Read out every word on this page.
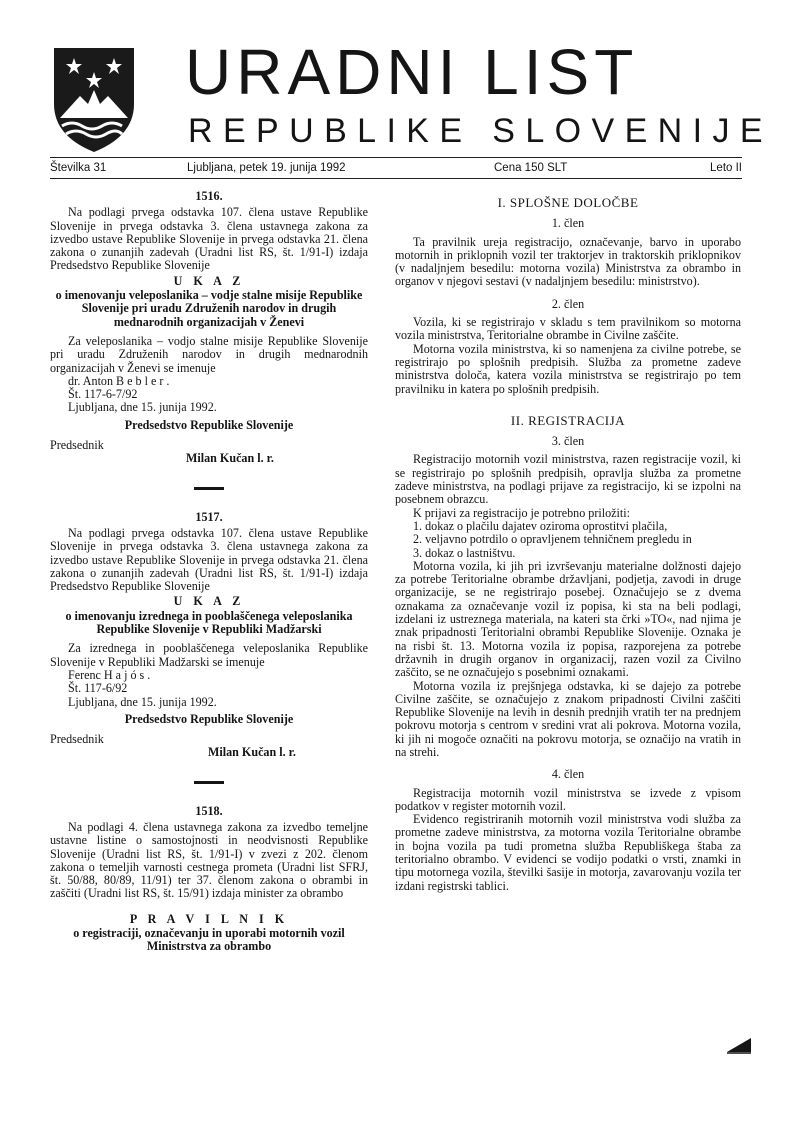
URADNI LIST
REPUBLIKE SLOVENIJE
Številka 31	Ljubljana, petek 19. junija 1992	Cena 150 SLT	Leto II
1516.

Na podlagi prvega odstavka 107. člena ustave Republike Slovenije in prvega odstavka 3. člena ustavnega zakona za izvedbo ustave Republike Slovenije in prvega odstavka 21. člena zakona o zunanjih zadevah (Uradni list RS, št. 1/91-I) izdaja Predsedstvo Republike Slovenije

U K A Z
o imenovanju veleposlanika – vodje stalne misije Republike Slovenije pri uradu Združenih narodov in drugih mednarodnih organizacijah v Ženevi

Za veleposlanika – vodjo stalne misije Republike Slovenije pri uradu Združenih narodov in drugih mednarodnih organizacijah v Ženevi se imenuje

dr. Anton B e b l e r .

Št. 117-6-7/92

Ljubljana, dne 15. junija 1992.

Predsedstvo Republike Slovenije

Predsednik

Milan Kučan l. r.

1517.

Na podlagi prvega odstavka 107. člena ustave Republike Slovenije in prvega odstavka 3. člena ustavnega zakona za izvedbo ustave Republike Slovenije in prvega odstavka 21. člena zakona o zunanjih zadevah (Uradni list RS, št. 1/91-I) izdaja Predsedstvo Republike Slovenije

U K A Z
o imenovanju izrednega in pooblaščenega veleposlanika Republike Slovenije v Republiki Madžarski

Za izrednega in pooblaščenega veleposlanika Republike Slovenije v Republiki Madžarski se imenuje

Ferenc H a j ó s .

Št. 117-6/92

Ljubljana, dne 15. junija 1992.

Predsedstvo Republike Slovenije

Predsednik

Milan Kučan l. r.

1518.

Na podlagi 4. člena ustavnega zakona za izvedbo temeljne ustavne listine o samostojnosti in neodvisnosti Republike Slovenije (Uradni list RS, št. 1/91-I) v zvezi z 202. členom zakona o temeljih varnosti cestnega prometa (Uradni list SFRJ, št. 50/88, 80/89, 11/91) ter 37. členom zakona o obrambi in zaščiti (Uradni list RS, št. 15/91) izdaja minister za obrambo

P R A V I L N I K
o registraciji, označevanju in uporabi motornih vozil Ministrstva za obrambo
I. SPLOŠNE DOLOČBE
1. člen

Ta pravilnik ureja registracijo, označevanje, barvo in uporabo motornih in priklopnih vozil ter traktorjev in traktorskih priklopnikov (v nadaljnjem besedilu: motorna vozila) Ministrstva za obrambo in organov v njegovi sestavi (v nadaljnjem besedilu: ministrstvo).

2. člen

Vozila, ki se registrirajo v skladu s tem pravilnikom so motorna vozila ministrstva, Teritorialne obrambe in Civilne zaščite.

Motorna vozila ministrstva, ki so namenjena za civilne potrebe, se registrirajo po splošnih predpisih. Služba za prometne zadeve ministrstva določa, katera vozila ministrstva se registrirajo po tem pravilniku in katera po splošnih predpisih.

II. REGISTRACIJA
3. člen

Registracijo motornih vozil ministrstva, razen registracije vozil, ki se registrirajo po splošnih predpisih, opravlja služba za prometne zadeve ministrstva, na podlagi prijave za registracijo, ki se izpolni na posebnem obrazcu.

K prijavi za registracijo je potrebno priložiti:

1. dokaz o plačilu dajatev oziroma oprostitvi plačila,

2. veljavno potrdilo o opravljenem tehničnem pregledu in

3. dokaz o lastništvu.

Motorna vozila, ki jih pri izvrševanju materialne dolžnosti dajejo za potrebe Teritorialne obrambe državljani, podjetja, zavodi in druge organizacije, se ne registrirajo posebej. Označujejo se z dvema oznakama za označevanje vozil iz popisa, ki sta na beli podlagi, izdelani iz ustreznega materiala, na kateri sta črki »TO«, nad njima je znak pripadnosti Teritorialni obrambi Republike Slovenije. Oznaka je na risbi št. 13. Motorna vozila iz popisa, razporejena za potrebe državnih in drugih organov in organizacij, razen vozil za Civilno zaščito, se ne označujejo s posebnimi oznakami.

Motorna vozila iz prejšnjega odstavka, ki se dajejo za potrebe Civilne zaščite, se označujejo z znakom pripadnosti Civilni zaščiti Republike Slovenije na levih in desnih prednjih vratih ter na prednjem pokrovu motorja s centrom v sredini vrat ali pokrova. Motorna vozila, ki jih ni mogoče označiti na pokrovu motorja, se označijo na vratih in na strehi.

4. člen

Registracija motornih vozil ministrstva se izvede z vpisom podatkov v register motornih vozil.

Evidenco registriranih motornih vozil ministrstva vodi služba za prometne zadeve ministrstva, za motorna vozila Teritorialne obrambe in bojna vozila pa tudi prometna služba Republiškega štaba za teritorialno obrambo. V evidenci se vodijo podatki o vrsti, znamki in tipu motornega vozila, številki šasije in motorja, zavarovanju vozila ter izdani registrski tablici.
